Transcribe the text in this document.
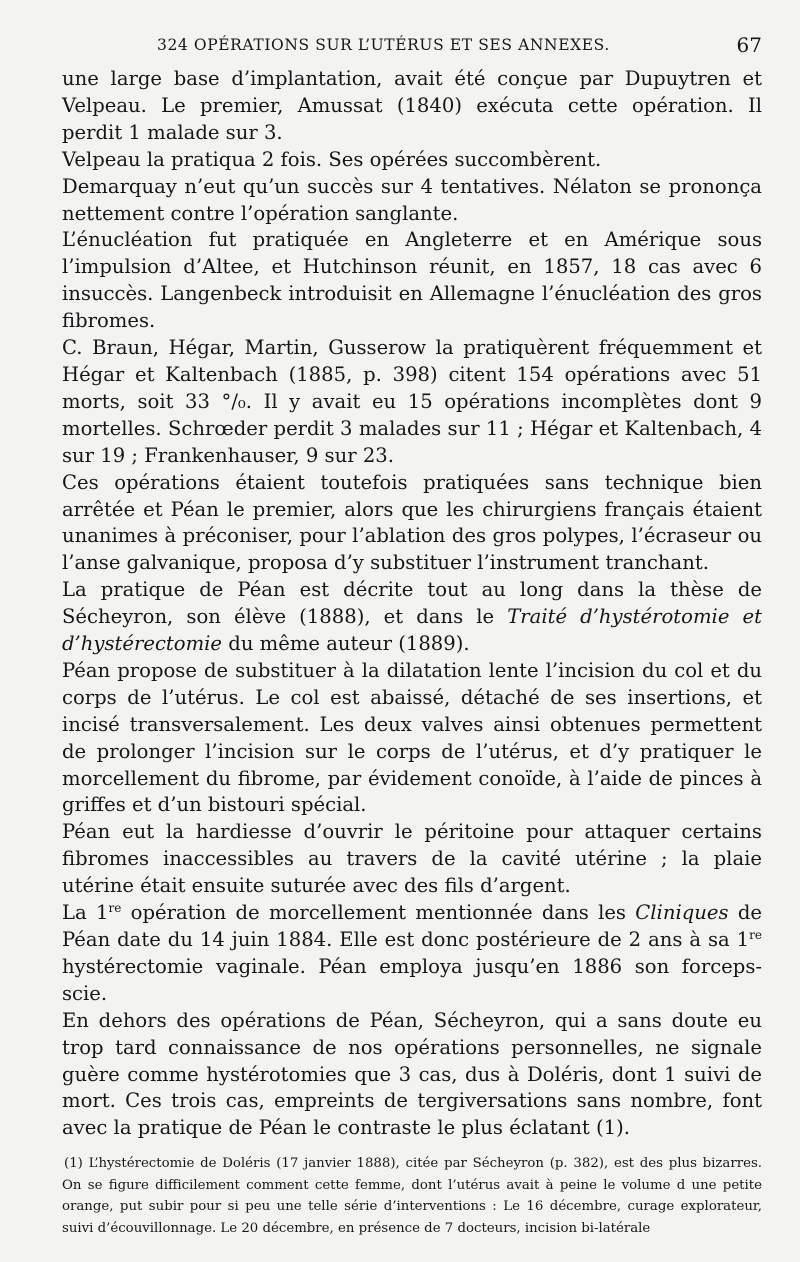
324 OPÉRATIONS SUR L’UTÉRUS ET SES ANNEXES.	67

une large base d’implantation, avait été conçue par Dupuytren et Velpeau. Le premier, Amussat (1840) exécuta cette opération. Il perdit 1 malade sur 3.

Velpeau la pratiqua 2 fois. Ses opérées succombèrent.

Demarquay n’eut qu’un succès sur 4 tentatives. Nélaton se prononça nettement contre l’opération sanglante.

L’énucléation fut pratiquée en Angleterre et en Amérique sous l’impulsion d’Altee, et Hutchinson réunit, en 1857, 18 cas avec 6 insuccès. Langenbeck introduisit en Allemagne l’énucléation des gros fibromes.

C. Braun, Hégar, Martin, Gusserow la pratiquèrent fréquemment et Hégar et Kaltenbach (1885, p. 398) citent 154 opérations avec 51 morts, soit 33 °/₀. Il y avait eu 15 opérations incomplètes dont 9 mortelles. Schrœder perdit 3 malades sur 11 ; Hégar et Kaltenbach, 4 sur 19 ; Frankenhauser, 9 sur 23.

Ces opérations étaient toutefois pratiquées sans technique bien arrêtée et Péan le premier, alors que les chirurgiens français étaient unanimes à préconiser, pour l’ablation des gros polypes, l’écraseur ou l’anse galvanique, proposa d’y substituer l’instrument tranchant.

La pratique de Péan est décrite tout au long dans la thèse de Sécheyron, son élève (1888), et dans le Traité d’hystérotomie et d’hystérectomie du même auteur (1889).

Péan propose de substituer à la dilatation lente l’incision du col et du corps de l’utérus. Le col est abaissé, détaché de ses insertions, et incisé transversalement. Les deux valves ainsi obtenues permettent de prolonger l’incision sur le corps de l’utérus, et d’y pratiquer le morcellement du fibrome, par évidement conoïde, à l’aide de pinces à griffes et d’un bistouri spécial.

Péan eut la hardiesse d’ouvrir le péritoine pour attaquer certains fibromes inaccessibles au travers de la cavité utérine ; la plaie utérine était ensuite suturée avec des fils d’argent.

La 1re opération de morcellement mentionnée dans les Cliniques de Péan date du 14 juin 1884. Elle est donc postérieure de 2 ans à sa 1re hystérectomie vaginale. Péan employa jusqu’en 1886 son forceps-scie.

En dehors des opérations de Péan, Sécheyron, qui a sans doute eu trop tard connaissance de nos opérations personnelles, ne signale guère comme hystérotomies que 3 cas, dus à Doléris, dont 1 suivi de mort. Ces trois cas, empreints de tergiversations sans nombre, font avec la pratique de Péan le contraste le plus éclatant (1).

(1) L’hystérectomie de Doléris (17 janvier 1888), citée par Sécheyron (p. 382), est des plus bizarres. On se figure difficilement comment cette femme, dont l’utérus avait à peine le volume d une petite orange, put subir pour si peu une telle série d’interventions : Le 16 décembre, curage explorateur, suivi d’écouvillonnage. Le 20 décembre, en présence de 7 docteurs, incision bi-latérale
